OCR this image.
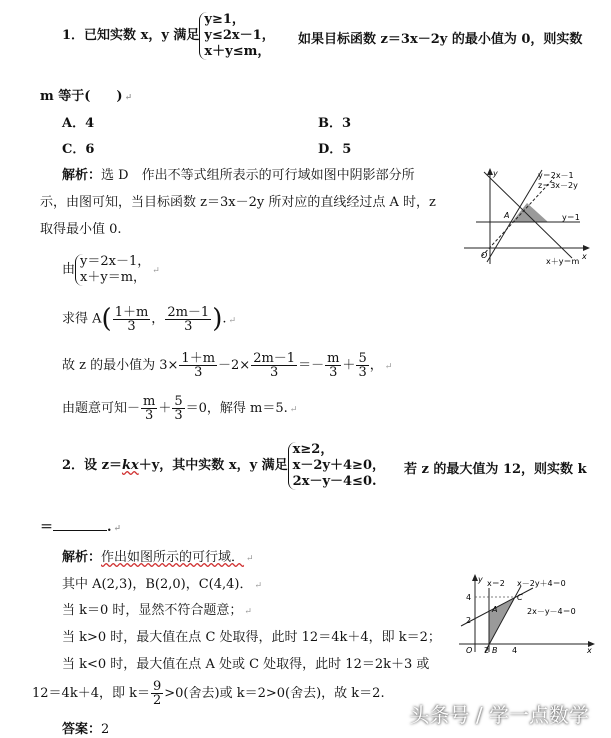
1．已知实数 x，y 满足
y≥1，
y≤2x－1，
x＋y≤m，
如果目标函数 z＝3x－2y 的最小值为 0，则实数
m 等于(　　) ↵
A．4	B．3
C．6	D．5
解析：选 D　作出不等式组所表示的可行域如图中阴影部分所
示，由图可知，当目标函数 z＝3x－2y 所对应的直线经过点 A 时，z
取得最小值 0.
y＝2x－1
z＝3x－2y
y＝1
x＋y＝m
x
y
O
A
由
y＝2x－1，
x＋y＝m， ↵
求得 $A( \frac{1+m}{3}$ ， $\frac{2m-1}{3}$ ). ↵
故 z 的最小值为 $3\times \frac{1+m}{3} -2\times \frac{2m-1}{3} =- \frac{m}{3} + \frac{5}{3}$ ， ↵
由题意可知－ $\frac{m}{3} + \frac{5}{3} =0$，解得 m＝5. ↵
2．设 z＝kx＋y，其中实数 x，y 满足
x≥2，
x－2y＋4≥0，
2x－y－4≤0.
若 z 的最大值为 12，则实数 k
＝	. ↵
解析：作出如图所示的可行域． ↵
其中 A(2,3)，B(2,0)，C(4,4)． ↵
当 k＝0 时，显然不符合题意； ↵
当 k>0 时，最大值在点 C 处取得，此时 12＝4k＋4，即 k＝2；
当 k<0 时，最大值在点 A 处或 C 处取得，此时 12＝2k＋3 或
12＝4k＋4，即 $k= \frac{9}{2} >0$(舍去)或 k＝2>0(舍去)，故 k＝2.
答案：2
x＝2 x－2y＋4＝0
2x－y－4＝0
x
y
O
A
B
C
4
2
2	4
头条号 / 学一点数学
